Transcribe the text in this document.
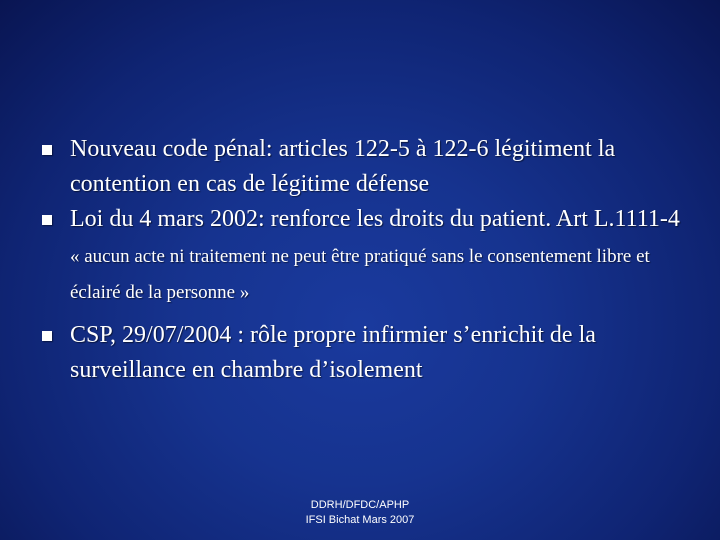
Nouveau code pénal: articles 122-5 à 122-6 légitiment la contention en cas de légitime défense
Loi du 4 mars 2002: renforce les droits du patient. Art L.1111-4 « aucun acte ni traitement ne peut être pratiqué sans le consentement libre et éclairé de la personne »
CSP, 29/07/2004 : rôle propre infirmier s’enrichit de la surveillance en chambre d’isolement
DDRH/DFDC/APHP
IFSI Bichat Mars 2007
